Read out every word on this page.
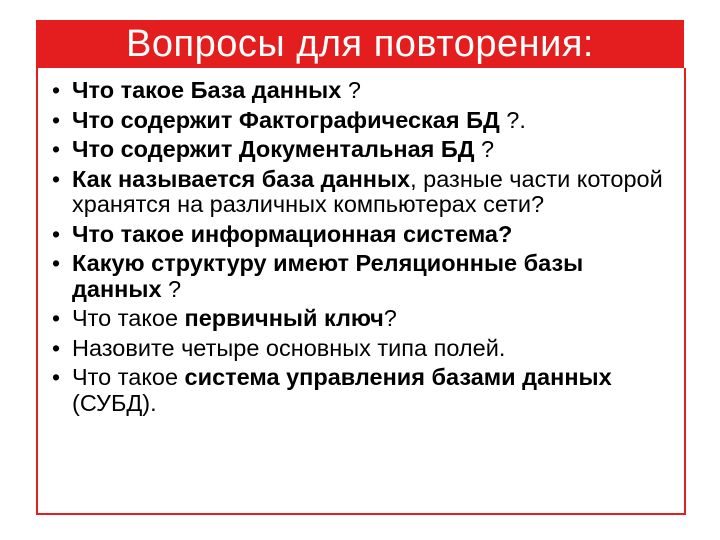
Вопросы для повторения:
• Что такое База данных ?
• Что содержит Фактографическая БД ?.
• Что содержит Документальная БД ?
• Как называется база данных, разные части которой хранятся на различных компьютерах сети?
• Что такое информационная система?
• Какую структуру имеют Реляционные базы данных ?
• Что такое первичный ключ?
• Назовите четыре основных типа полей.
• Что такое система управления базами данных (СУБД).
